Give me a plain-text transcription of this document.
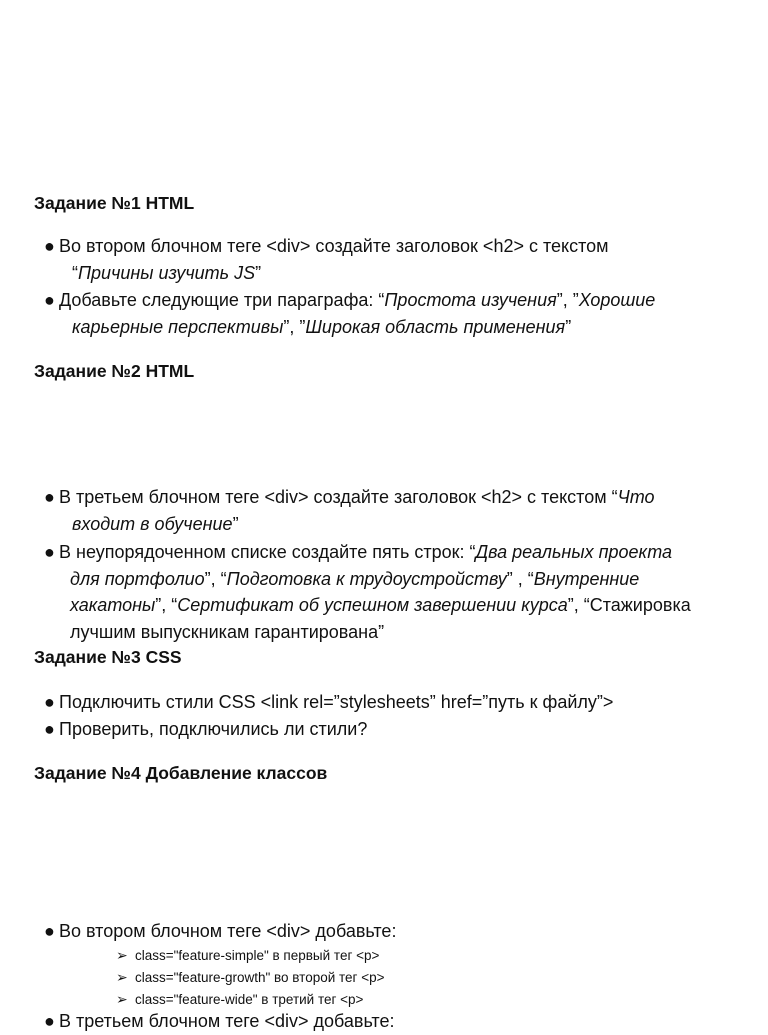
Задание №1 HTML
● Во втором блочном теге <div> создайте заголовок <h2> с текстом
“Причины изучить JS”
● Добавьте следующие три параграфа: “Простота изучения”, ”Хорошие
карьерные перспективы”, ”Широкая область применения”
Задание №2 HTML
● В третьем блочном теге <div> создайте заголовок <h2> с текстом “Что
входит в обучение”
● В неупорядоченном списке создайте пять строк: “Два реальных проекта
для портфолио”, “Подготовка к трудоустройству” , “Внутренние
хакатоны”, “Сертификат об успешном завершении курса”, “Стажировка
лучшим выпускникам гарантирована”
Задание №3 CSS
● Подключить стили CSS <link rel=”stylesheets” href=”путь к файлу”>
● Проверить, подключились ли стили?
Задание №4 Добавление классов
● Во втором блочном теге <div> добавьте:
➢ class="feature-simple" в первый тег <p>
➢ class="feature-growth" во второй тег <p>
➢ class="feature-wide" в третий тег <p>
● В третьем блочном теге <div> добавьте:
